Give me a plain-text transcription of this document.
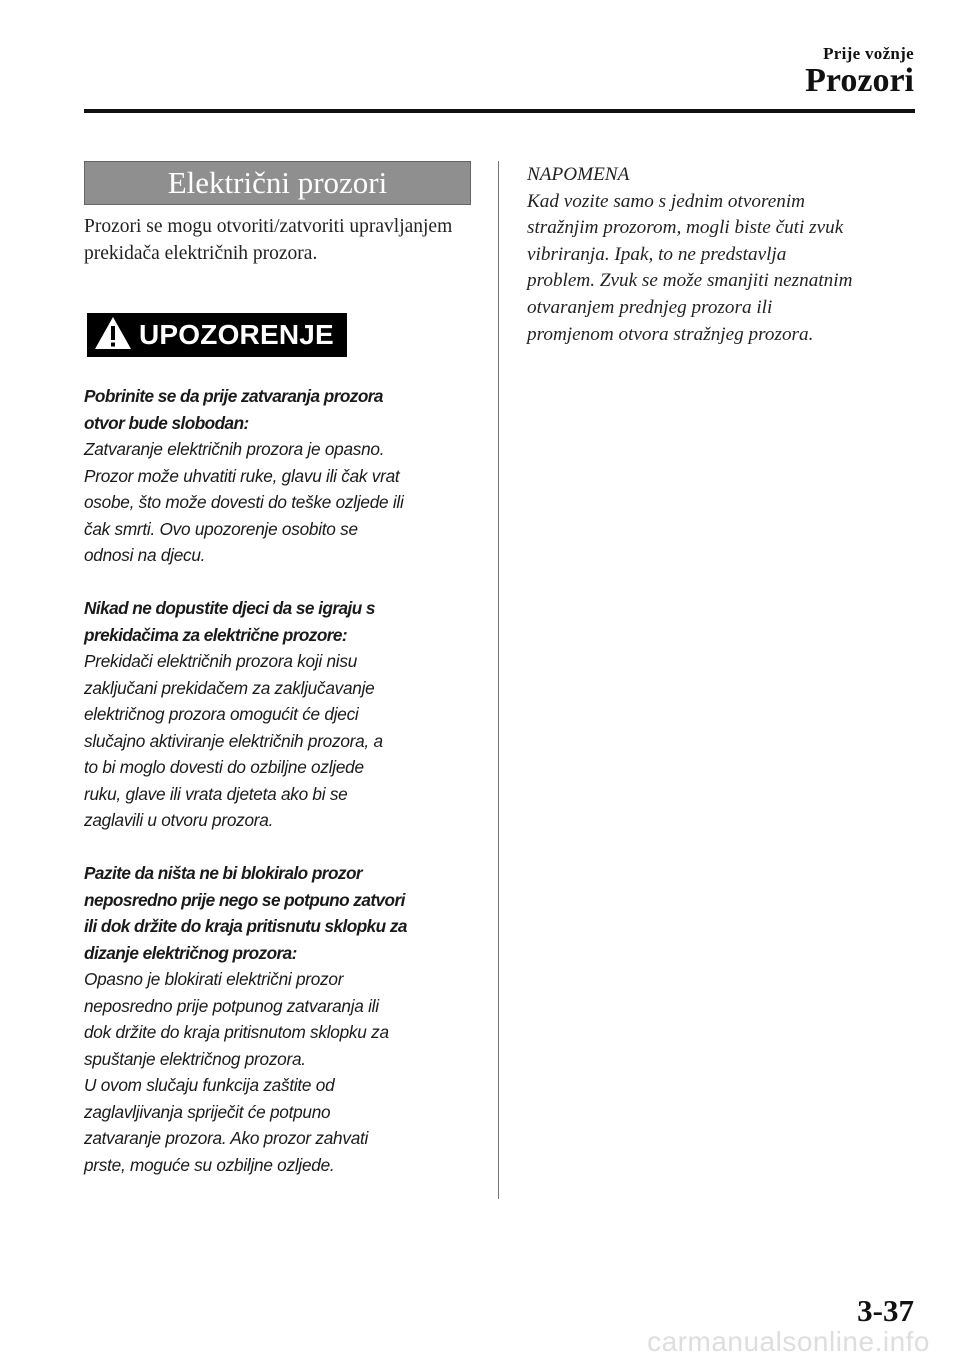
Prije vožnje
Prozori
Električni prozori
Prozori se mogu otvoriti/zatvoriti upravljanjem prekidača električnih prozora.
UPOZORENJE

Pobrinite se da prije zatvaranja prozora

otvor bude slobodan:

Zatvaranje električnih prozora je opasno.

Prozor može uhvatiti ruke, glavu ili čak vrat

osobe, što može dovesti do teške ozljede ili

čak smrti. Ovo upozorenje osobito se

odnosi na djecu.

Nikad ne dopustite djeci da se igraju s

prekidačima za električne prozore:

Prekidači električnih prozora koji nisu

zaključani prekidačem za zaključavanje

električnog prozora omogućit će djeci

slučajno aktiviranje električnih prozora, a

to bi moglo dovesti do ozbiljne ozljede

ruku, glave ili vrata djeteta ako bi se

zaglavili u otvoru prozora.

Pazite da ništa ne bi blokiralo prozor

neposredno prije nego se potpuno zatvori

ili dok držite do kraja pritisnutu sklopku za

dizanje električnog prozora:

Opasno je blokirati električni prozor

neposredno prije potpunog zatvaranja ili

dok držite do kraja pritisnutom sklopku za

spuštanje električnog prozora.

U ovom slučaju funkcija zaštite od

zaglavljivanja spriječit će potpuno

zatvaranje prozora. Ako prozor zahvati

prste, moguće su ozbiljne ozljede.

NAPOMENA

Kad vozite samo s jednim otvorenim

stražnjim prozorom, mogli biste čuti zvuk

vibriranja. Ipak, to ne predstavlja

problem. Zvuk se može smanjiti neznatnim

otvaranjem prednjeg prozora ili

promjenom otvora stražnjeg prozora.

3-37
carmanualsonline.info
